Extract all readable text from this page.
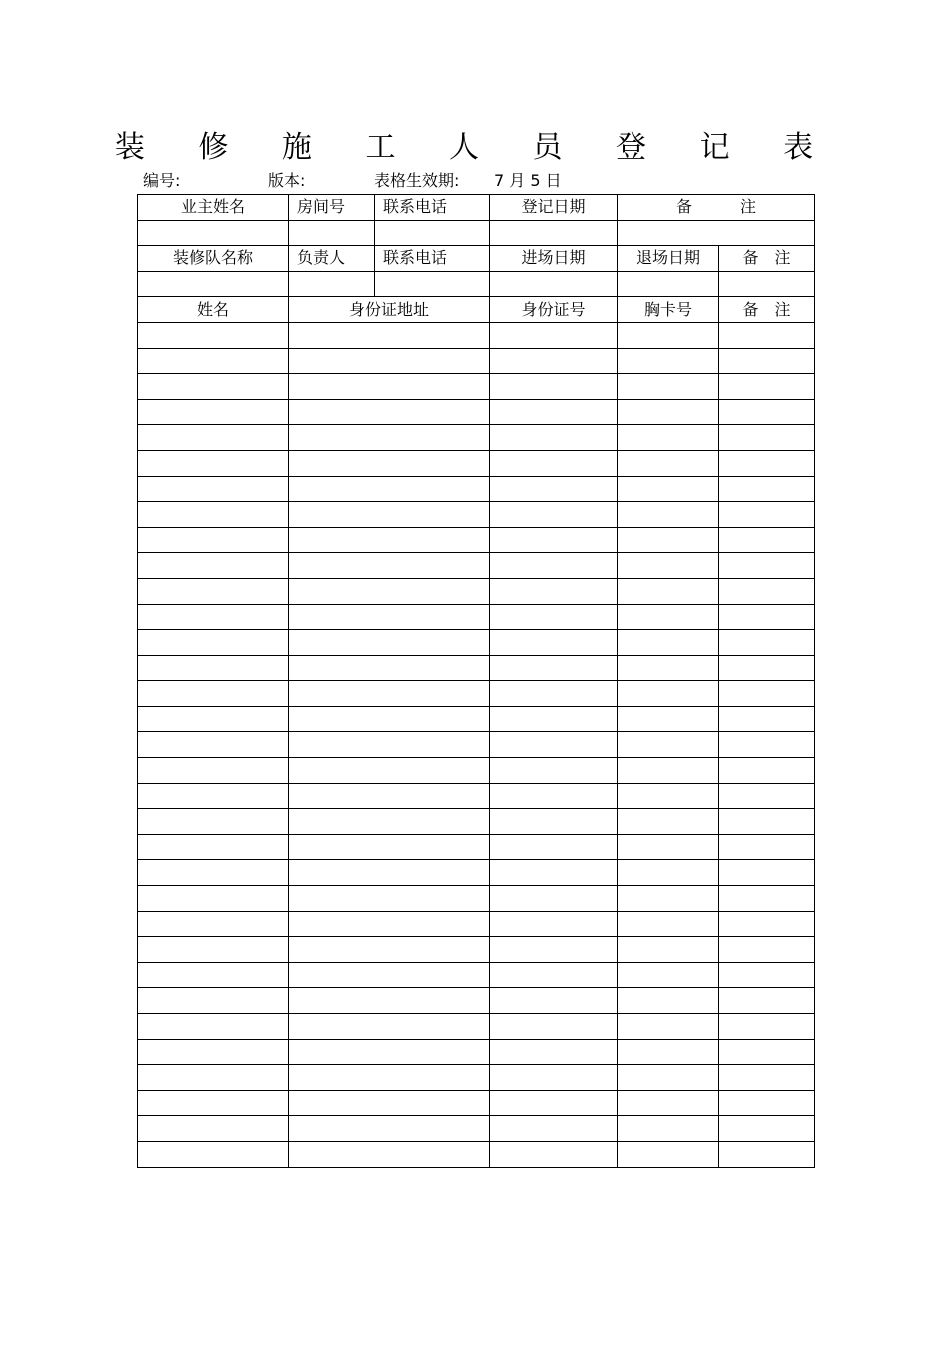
装 修 施 工 人 员 登 记 表
编号:	版本:	表格生效期: 7 月 5 日
业主姓名	房间号	联系电话	登记日期	备　　　注	

装修队名称	负责人	联系电话	进场日期	退场日期	备　注

姓名	身份证地址		身份证号	胸卡号	备　注
